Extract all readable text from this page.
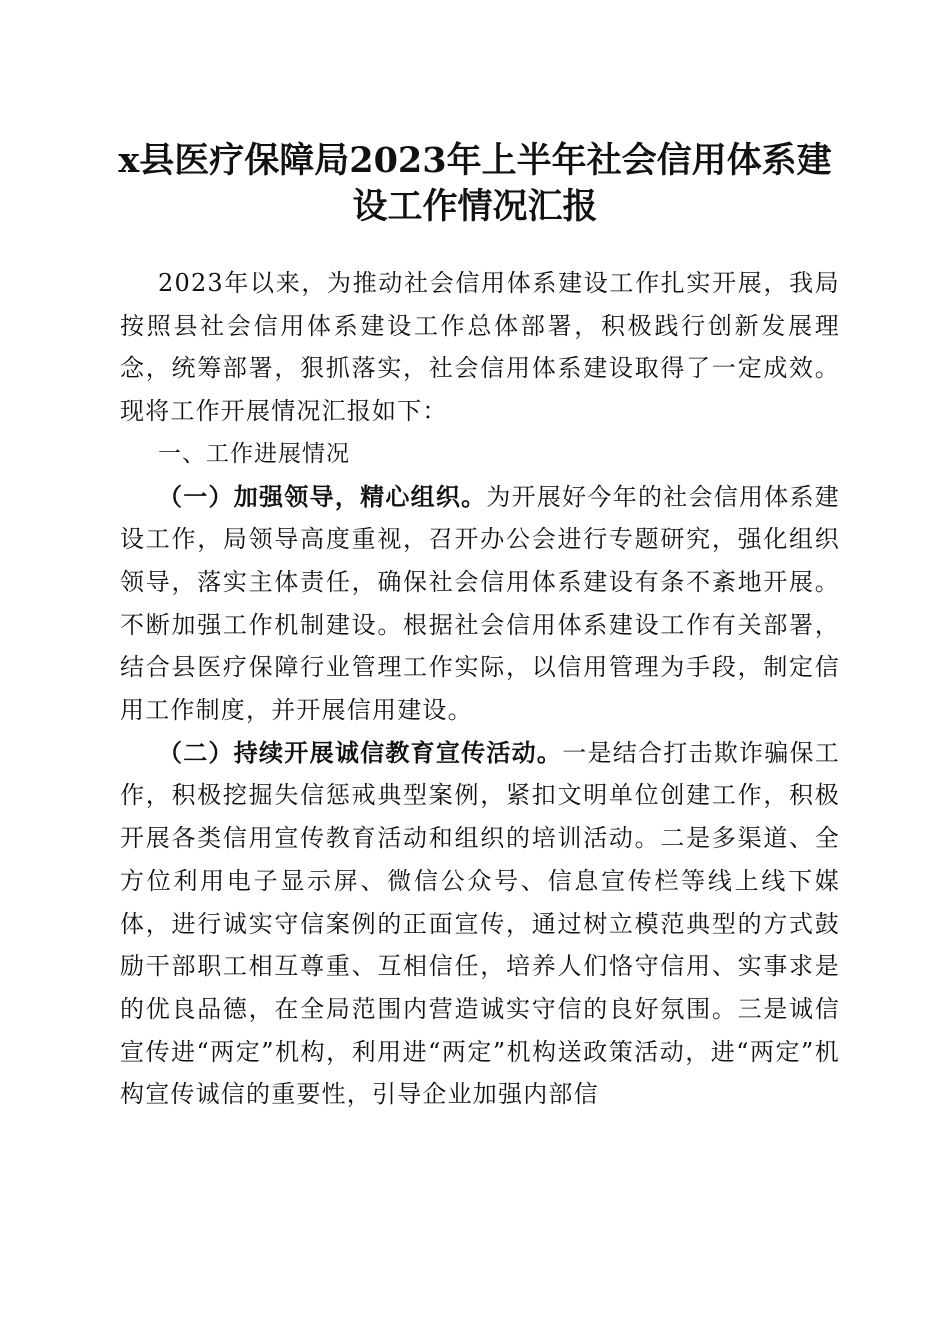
x县医疗保障局2023年上半年社会信用体系建
设工作情况汇报

2023年以来，为推动社会信用体系建设工作扎实开展，我局按照县社会信用体系建设工作总体部署，积极践行创新发展理念，统筹部署，狠抓落实，社会信用体系建设取得了一定成效。现将工作开展情况汇报如下：

一、工作进展情况

（一）加强领导，精心组织。为开展好今年的社会信用体系建设工作，局领导高度重视，召开办公会进行专题研究，强化组织领导，落实主体责任，确保社会信用体系建设有条不紊地开展。不断加强工作机制建设。根据社会信用体系建设工作有关部署，结合县医疗保障行业管理工作实际，以信用管理为手段，制定信用工作制度，并开展信用建设。

（二）持续开展诚信教育宣传活动。一是结合打击欺诈骗保工作，积极挖掘失信惩戒典型案例，紧扣文明单位创建工作，积极开展各类信用宣传教育活动和组织的培训活动。二是多渠道、全方位利用电子显示屏、微信公众号、信息宣传栏等线上线下媒体，进行诚实守信案例的正面宣传，通过树立模范典型的方式鼓励干部职工相互尊重、互相信任，培养人们恪守信用、实事求是的优良品德，在全局范围内营造诚实守信的良好氛围。三是诚信宣传进“两定”机构，利用进“两定”机构送政策活动，进“两定”机构宣传诚信的重要性，引导企业加强内部信
